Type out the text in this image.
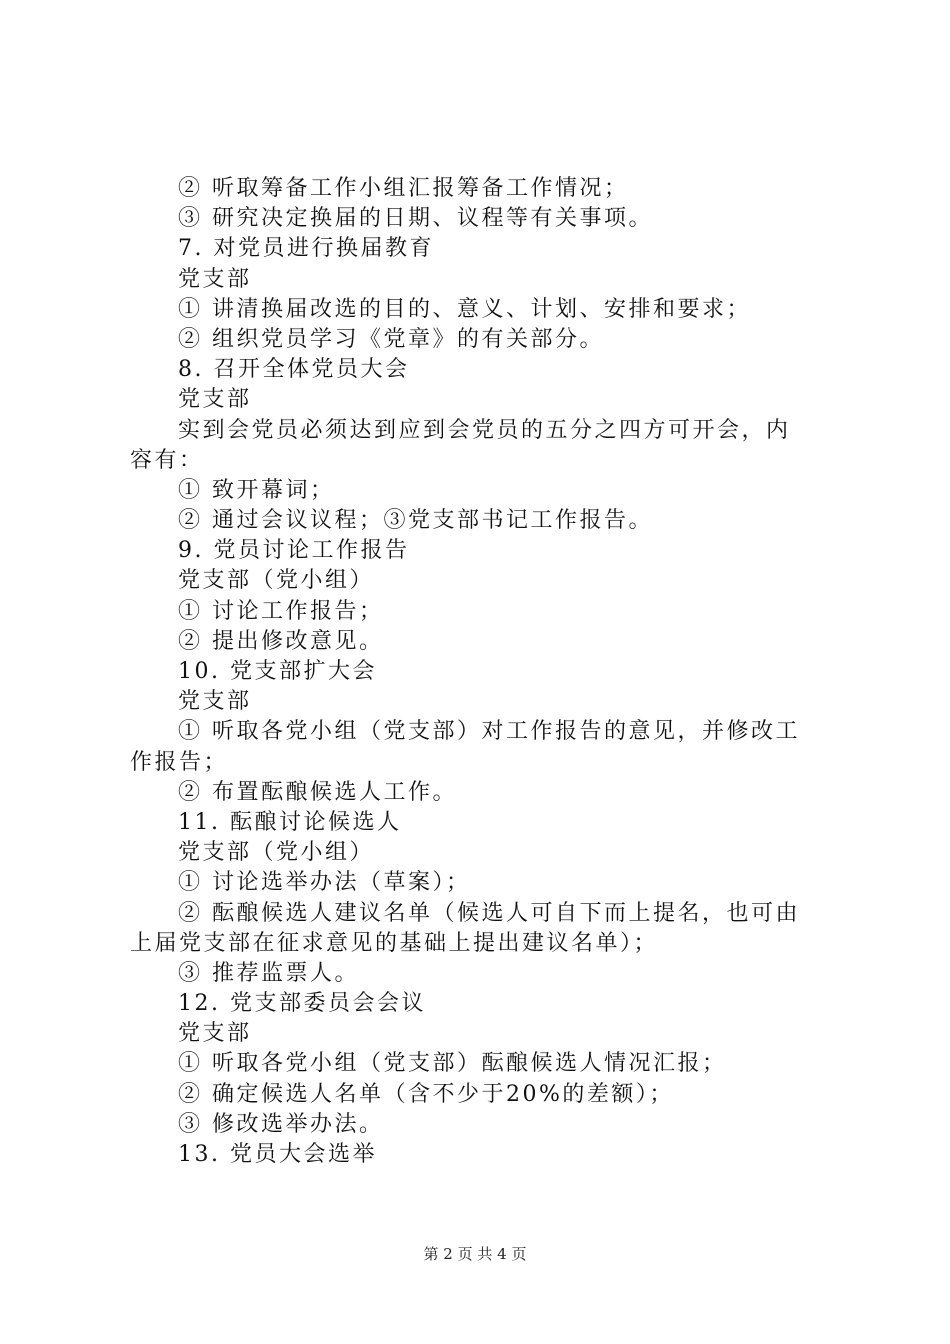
② 听取筹备工作小组汇报筹备工作情况；
③ 研究决定换届的日期、议程等有关事项。
7. 对党员进行换届教育
党支部
① 讲清换届改选的目的、意义、计划、安排和要求；
② 组织党员学习《党章》的有关部分。
8. 召开全体党员大会
党支部
实到会党员必须达到应到会党员的五分之四方可开会，内
容有：
① 致开幕词；
② 通过会议议程；③党支部书记工作报告。
9. 党员讨论工作报告
党支部（党小组）
① 讨论工作报告；
② 提出修改意见。
10. 党支部扩大会
党支部
① 听取各党小组（党支部）对工作报告的意见，并修改工
作报告；
② 布置酝酿候选人工作。
11. 酝酿讨论候选人
党支部（党小组）
① 讨论选举办法（草案）；
② 酝酿候选人建议名单（候选人可自下而上提名，也可由
上届党支部在征求意见的基础上提出建议名单）；
③ 推荐监票人。
12. 党支部委员会会议
党支部
① 听取各党小组（党支部）酝酿候选人情况汇报；
② 确定候选人名单（含不少于20%的差额）；
③ 修改选举办法。
13. 党员大会选举
第 2 页 共 4 页
